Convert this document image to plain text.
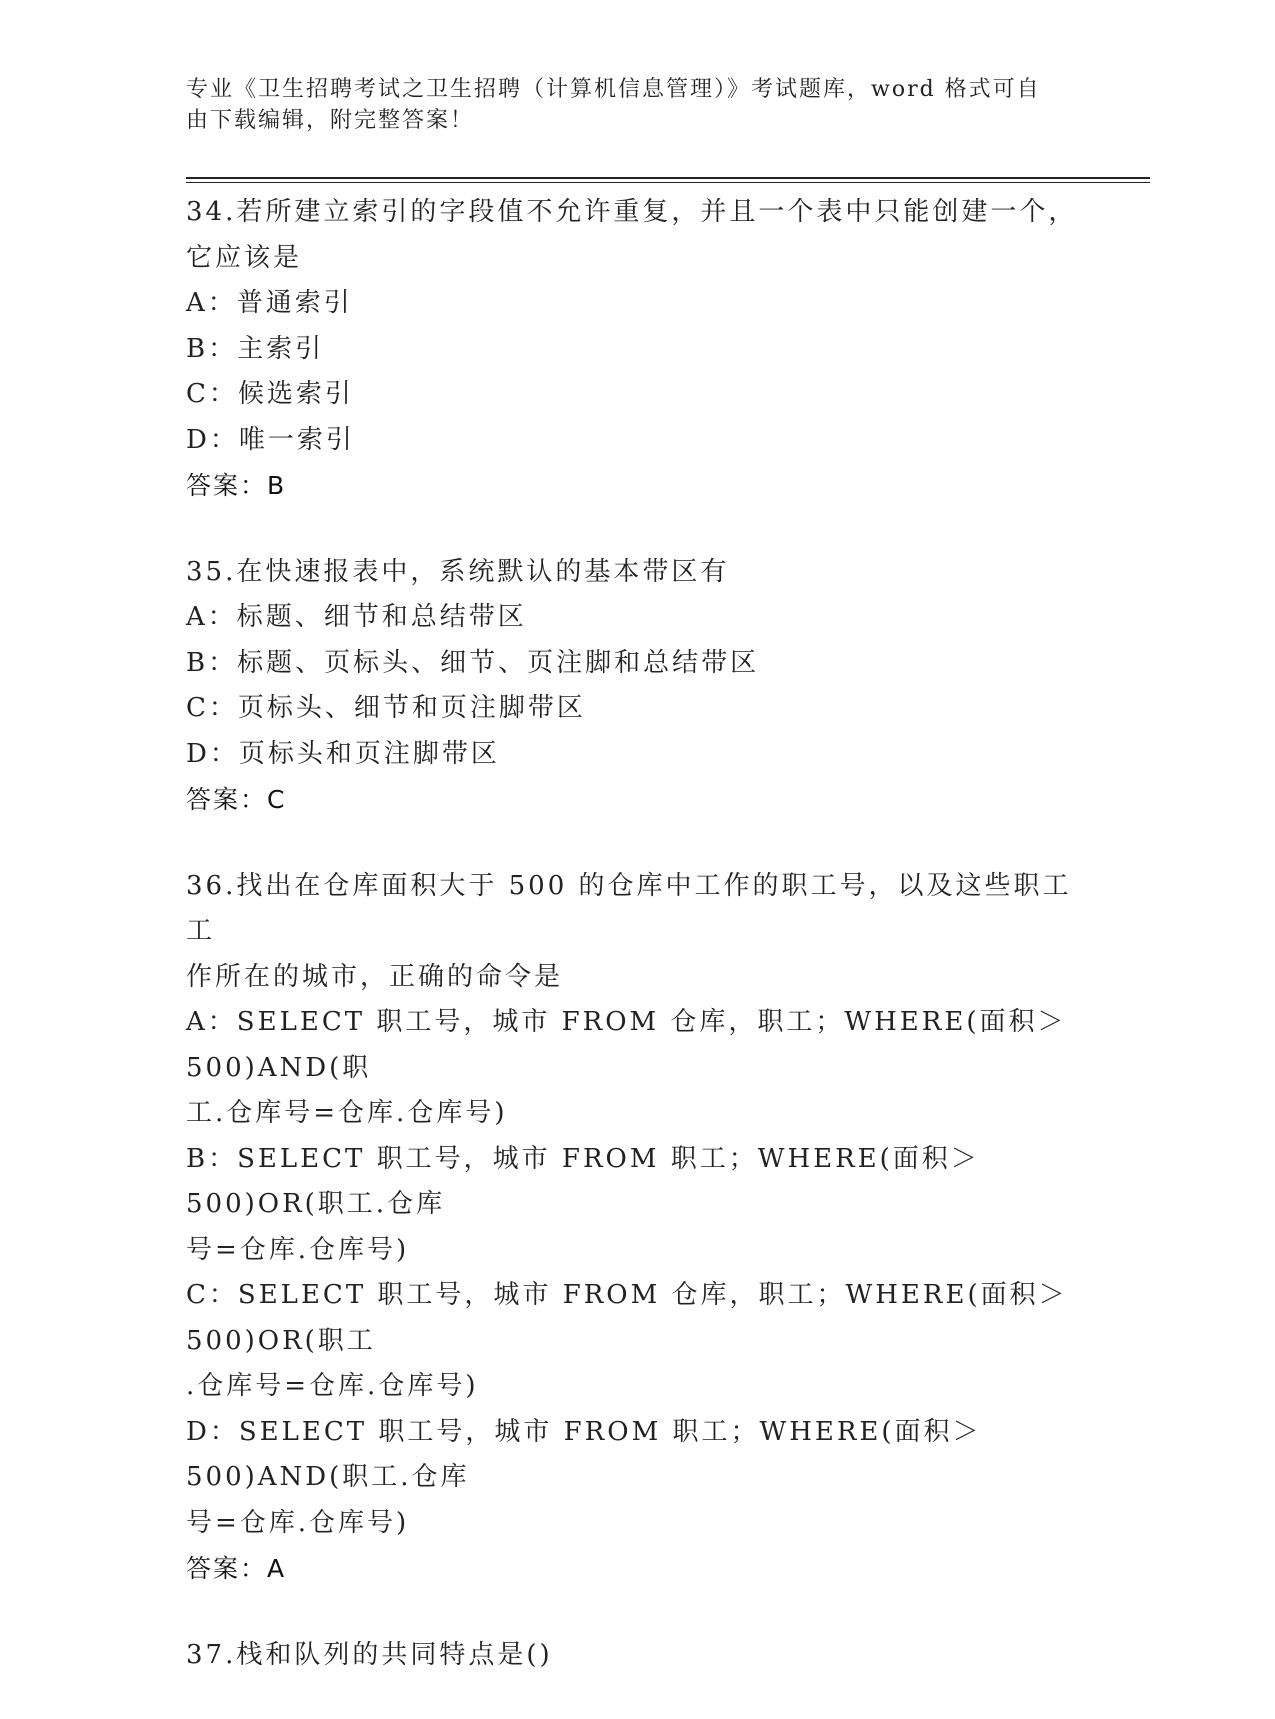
专业《卫生招聘考试之卫生招聘（计算机信息管理）》考试题库，word 格式可自
由下载编辑，附完整答案！
34.若所建立索引的字段值不允许重复，并且一个表中只能创建一个，
它应该是
A：普通索引
B：主索引
C：候选索引
D：唯一索引
答案：B
35.在快速报表中，系统默认的基本带区有
A：标题、细节和总结带区
B：标题、页标头、细节、页注脚和总结带区
C：页标头、细节和页注脚带区
D：页标头和页注脚带区
答案：C
36.找出在仓库面积大于 500 的仓库中工作的职工号，以及这些职工工
作所在的城市，正确的命令是
A：SELECT 职工号，城市 FROM 仓库，职工；WHERE(面积＞500)AND(职
工.仓库号=仓库.仓库号)
B：SELECT 职工号，城市 FROM 职工；WHERE(面积＞500)OR(职工.仓库
号=仓库.仓库号)
C：SELECT 职工号，城市 FROM 仓库，职工；WHERE(面积＞500)OR(职工
.仓库号=仓库.仓库号)
D：SELECT 职工号，城市 FROM 职工；WHERE(面积＞500)AND(职工.仓库
号=仓库.仓库号)
答案：A
37.栈和队列的共同特点是()
